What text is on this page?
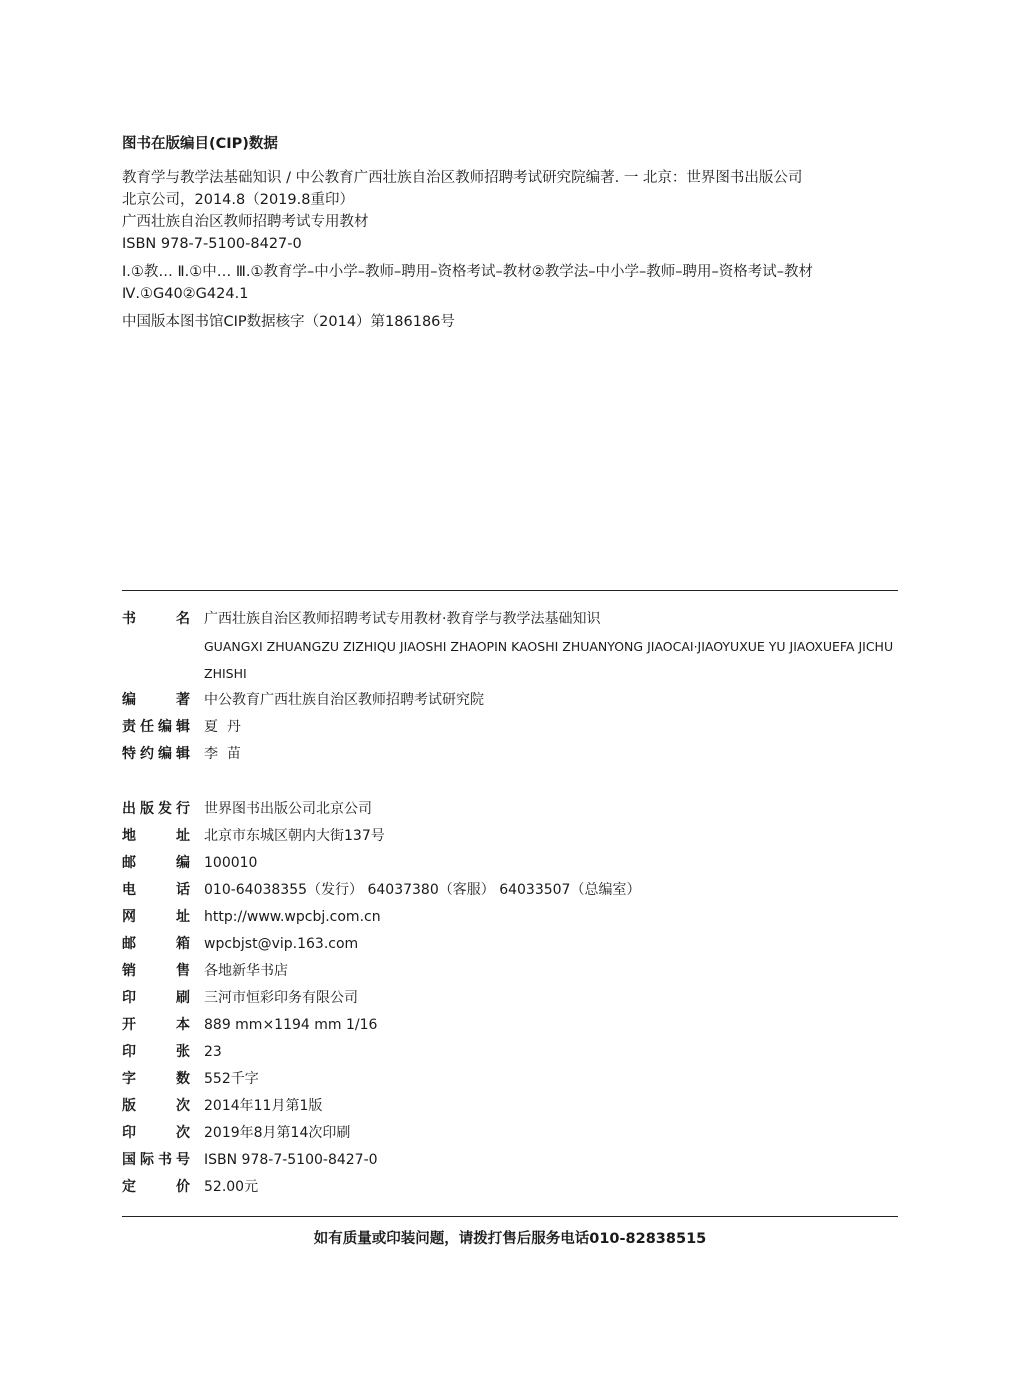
图书在版编目(CIP)数据

教育学与教学法基础知识 / 中公教育广西壮族自治区教师招聘考试研究院编著. 一 北京：世界图书出版公司

北京公司，2014.8（2019.8重印）

广西壮族自治区教师招聘考试专用教材

ISBN 978-7-5100-8427-0

Ⅰ.①教… Ⅱ.①中… Ⅲ.①教育学–中小学–教师–聘用–资格考试–教材②教学法–中小学–教师–聘用–资格考试–教材 Ⅳ.①G40②G424.1

中国版本图书馆CIP数据核字（2014）第186186号

书	名 广西壮族自治区教师招聘考试专用教材·教育学与教学法基础知识
GUANGXI ZHUANGZU ZIZHIQU JIAOSHI ZHAOPIN KAOSHI ZHUANYONG JIAOCAI·JIAOYUXUE YU JIAOXUEFA JICHU ZHISHI
编	著 中公教育广西壮族自治区教师招聘考试研究院
责 任 编 辑 夏  丹
特 约 编 辑 李  苗
出 版 发 行 世界图书出版公司北京公司
地	址 北京市东城区朝内大街137号
邮	编 100010
电	话 010-64038355（发行） 64037380（客服） 64033507（总编室）
网	址 http://www.wpcbj.com.cn
邮	箱 wpcbjst@vip.163.com
销	售 各地新华书店
印	刷 三河市恒彩印务有限公司
开	本 889 mm×1194 mm 1/16
印	张 23
字	数 552千字
版	次 2014年11月第1版
印	次 2019年8月第14次印刷
国 际 书 号 ISBN 978-7-5100-8427-0
定	价 52.00元
如有质量或印装问题，请拨打售后服务电话010-82838515
